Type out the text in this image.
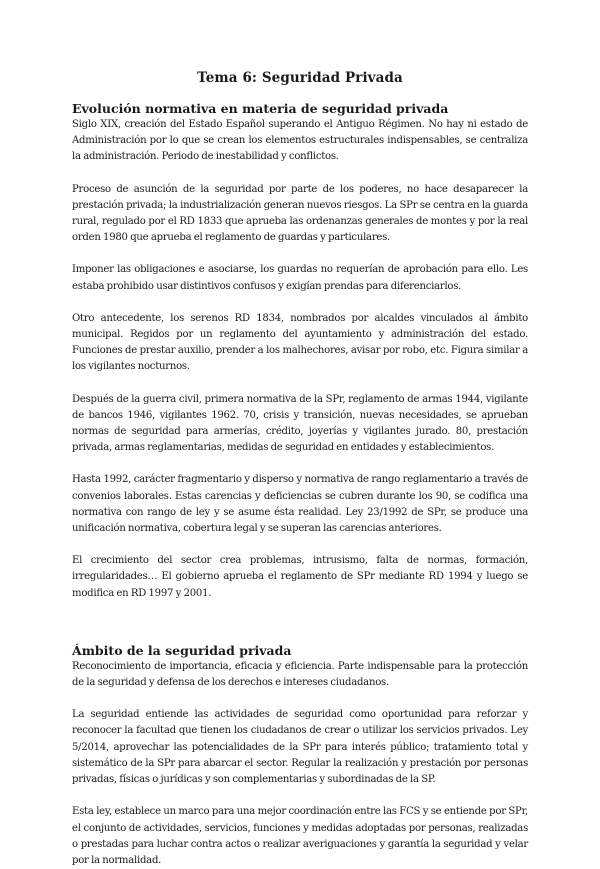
Tema 6: Seguridad Privada
Evolución normativa en materia de seguridad privada

Siglo XIX, creación del Estado Español superando el Antiguo Régimen. No hay ni estado de Administración por lo que se crean los elementos estructurales indispensables, se centraliza la administración. Periodo de inestabilidad y conflictos.

Proceso de asunción de la seguridad por parte de los poderes, no hace desaparecer la prestación privada; la industrialización generan nuevos riesgos. La SPr se centra en la guarda rural, regulado por el RD 1833 que aprueba las ordenanzas generales de montes y por la real orden 1980 que aprueba el reglamento de guardas y particulares.

Imponer las obligaciones e asociarse, los guardas no requerían de aprobación para ello. Les estaba prohibido usar distintivos confusos y exigían prendas para diferenciarlos.

Otro antecedente, los serenos RD 1834, nombrados por alcaldes vinculados al ámbito municipal. Regidos por un reglamento del ayuntamiento y administración del estado. Funciones de prestar auxilio, prender a los malhechores, avisar por robo, etc. Figura similar a los vigilantes nocturnos.

Después de la guerra civil, primera normativa de la SPr, reglamento de armas 1944, vigilante de bancos 1946, vigilantes 1962. 70, crisis y transición, nuevas necesidades, se aprueban normas de seguridad para armerías, crédito, joyerías y vigilantes jurado. 80, prestación privada, armas reglamentarias, medidas de seguridad en entidades y establecimientos.

Hasta 1992, carácter fragmentario y disperso y normativa de rango reglamentario a través de convenios laborales. Estas carencias y deficiencias se cubren durante los 90, se codifica una normativa con rango de ley y se asume ésta realidad. Ley 23/1992 de SPr, se produce una unificación normativa, cobertura legal y se superan las carencias anteriores.

El crecimiento del sector crea problemas, intrusismo, falta de normas, formación, irregularidades… El gobierno aprueba el reglamento de SPr mediante RD 1994 y luego se modifica en RD 1997 y 2001.

Ámbito de la seguridad privada

Reconocimiento de importancia, eficacia y eficiencia. Parte indispensable para la protección de la seguridad y defensa de los derechos e intereses ciudadanos.

La seguridad entiende las actividades de seguridad como oportunidad para reforzar y reconocer la facultad que tienen los ciudadanos de crear o utilizar los servicios privados. Ley 5/2014, aprovechar las potencialidades de la SPr para interés público; tratamiento total y sistemático de la SPr para abarcar el sector. Regular la realización y prestación por personas privadas, físicas o jurídicas y son complementarias y subordinadas de la SP.

Esta ley, establece un marco para una mejor coordinación entre las FCS y se entiende por SPr, el conjunto de actividades, servicios, funciones y medidas adoptadas por personas, realizadas o prestadas para luchar contra actos o realizar averiguaciones y garantía la seguridad y velar por la normalidad.
